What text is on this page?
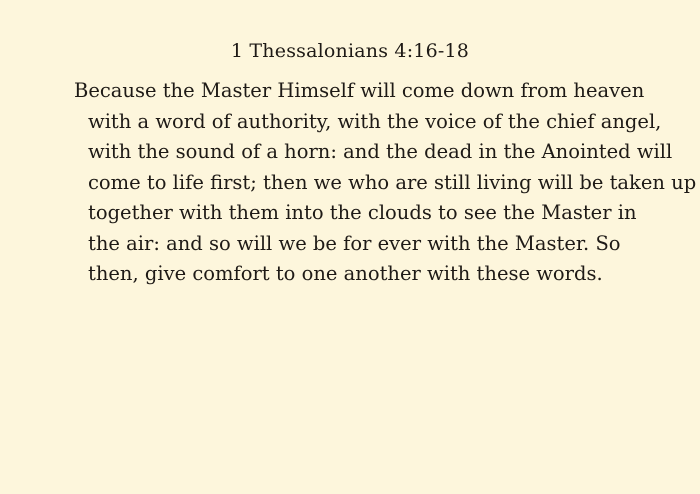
1 Thessalonians 4:16-18
Because the Master Himself will come down from heaven
with a word of authority, with the voice of the chief angel,
with the sound of a horn: and the dead in the Anointed will
come to life first; then we who are still living will be taken up
together with them into the clouds to see the Master in
the air: and so will we be for ever with the Master. So
then, give comfort to one another with these words.
